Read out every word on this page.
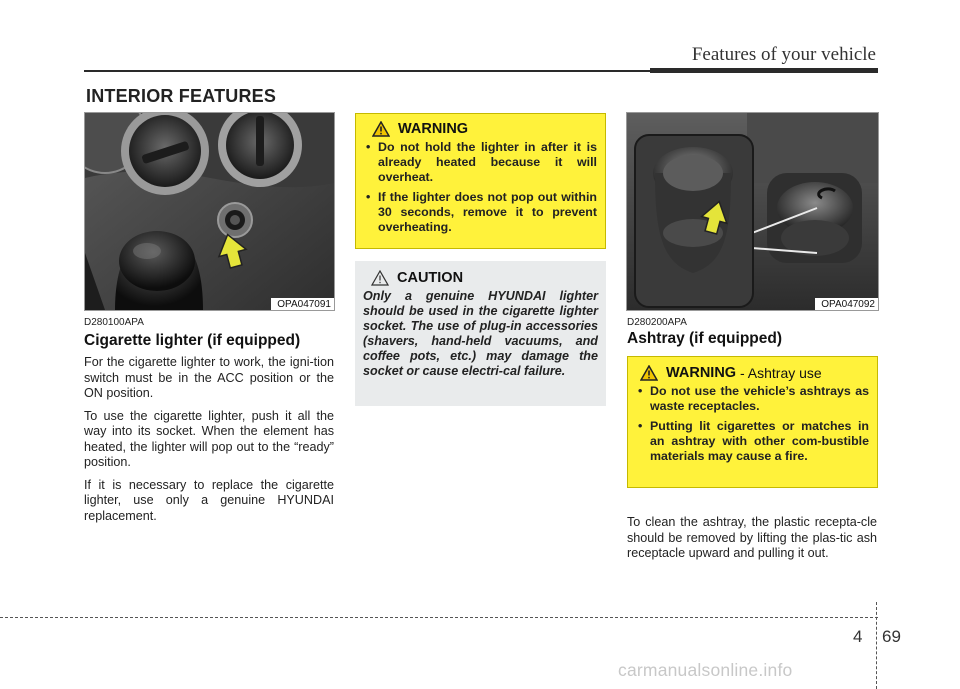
Features of your vehicle
INTERIOR FEATURES
OPA047091
D280100APA
Cigarette lighter (if equipped)

For the cigarette lighter to work, the igni-tion switch must be in the ACC position or the ON position.

To use the cigarette lighter, push it all the way into its socket. When the element has heated, the lighter will pop out to the “ready” position.

If it is necessary to replace the cigarette lighter, use only a genuine HYUNDAI replacement.

WARNING
• Do not hold the lighter in after it is already heated because it will overheat.
• If the lighter does not pop out within 30 seconds, remove it to prevent overheating.
CAUTION
Only a genuine HYUNDAI lighter should be used in the cigarette lighter socket. The use of plug-in accessories (shavers, hand-held vacuums, and coffee pots, etc.) may damage the socket or cause electri-cal failure.
OPA047092
D280200APA
Ashtray (if equipped)
WARNING - Ashtray use
• Do not use the vehicle’s ashtrays as waste receptacles.
• Putting lit cigarettes or matches in an ashtray with other com-bustible materials may cause a fire.
To clean the ashtray, the plastic recepta-cle should be removed by lifting the plas-tic ash receptacle upward and pulling it out.
4 69
carmanualsonline.info
